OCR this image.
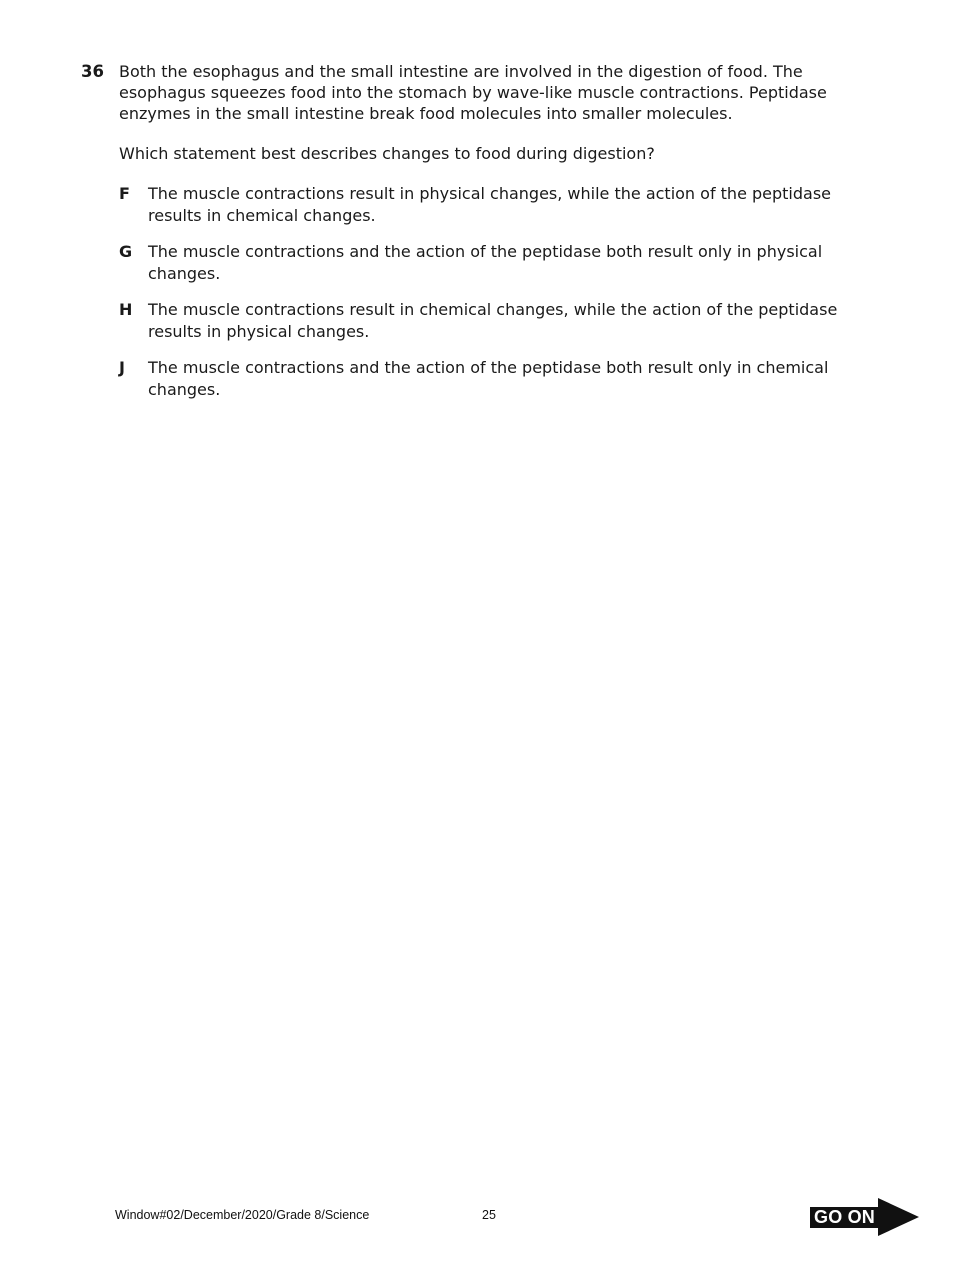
36 Both the esophagus and the small intestine are involved in the digestion of food. The esophagus squeezes food into the stomach by wave-like muscle contractions. Peptidase enzymes in the small intestine break food molecules into smaller molecules.
Which statement best describes changes to food during digestion?
F The muscle contractions result in physical changes, while the action of the peptidase results in chemical changes.
G The muscle contractions and the action of the peptidase both result only in physical changes.
H The muscle contractions result in chemical changes, while the action of the peptidase results in physical changes.
J The muscle contractions and the action of the peptidase both result only in chemical changes.
Window#02/December/2020/Grade 8/Science	25	GO ON
